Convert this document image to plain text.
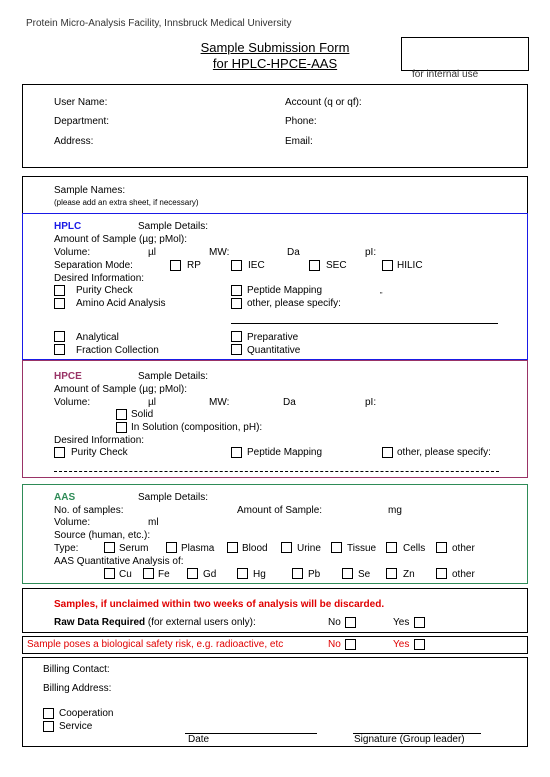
Protein Micro-Analysis Facility, Innsbruck Medical University
Sample Submission Form
for HPLC-HPCE-AAS
for internal use
User Name:	Account (q or qf):
Department:	Phone:
Address:	Email:
Sample Names:
(please add an extra sheet, if necessary)
HPLC	Sample Details:
Amount of Sample (µg; pMol):
Volume:	µl	MW:	Da	pI:
Separation Mode:	RP	IEC	SEC	HILIC
Desired Information:
Purity Check	Peptide Mapping
Amino Acid Analysis	other, please specify:
"
Analytical	Preparative
Fraction Collection	Quantitative
HPCE	Sample Details:
Amount of Sample (µg; pMol):
Volume:	µl	MW:	Da	pI:
Solid
In Solution (composition, pH):
Desired Information:
Purity Check	Peptide Mapping	other, please specify:
AAS	Sample Details:
No. of samples:	Amount of Sample:	mg
Volume:	ml
Source (human, etc.):
Type:	Serum	Plasma	Blood	Urine	Tissue	Cells	other
AAS Quantitative Analysis of:
Cu	Fe	Gd	Hg	Pb	Se	Zn	other
Samples, if unclaimed within two weeks of analysis will be discarded.
Raw Data Required (for external users only):	No	Yes
Sample poses a biological safety risk, e.g. radioactive, etc	No	Yes
Billing Contact:
Billing Address:
Cooperation
Service
Date	Signature (Group leader)
